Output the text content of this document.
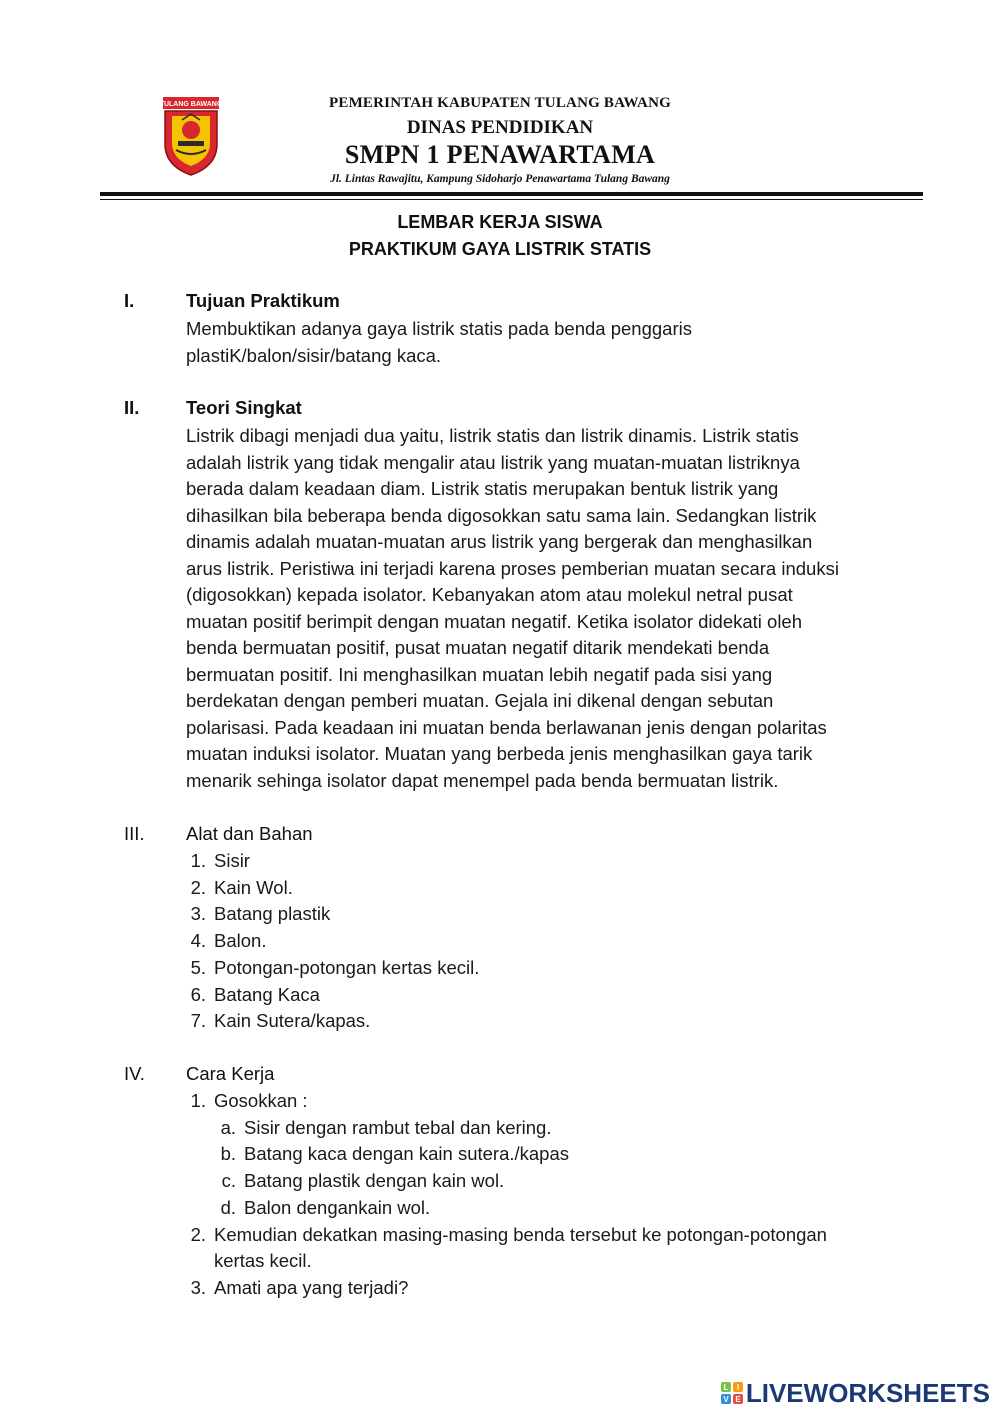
TULANG BAWANG	PEMERINTAH KABUPATEN TULANG BAWANG
DINAS PENDIDIKAN
SMPN 1 PENAWARTAMA
Jl. Lintas Rawajitu, Kampung Sidoharjo Penawartama Tulang Bawang
LEMBAR KERJA SISWA
PRAKTIKUM GAYA LISTRIK STATIS
I.	Tujuan Praktikum
Membuktikan adanya gaya listrik statis pada benda penggaris
plastiK/balon/sisir/batang kaca.
II.	Teori Singkat
Listrik dibagi menjadi dua yaitu, listrik statis dan listrik dinamis. Listrik statis
adalah listrik yang tidak mengalir atau listrik yang muatan-muatan listriknya
berada dalam keadaan diam. Listrik statis merupakan bentuk listrik yang
dihasilkan bila beberapa benda digosokkan satu sama lain. Sedangkan listrik
dinamis adalah muatan-muatan arus listrik yang bergerak dan menghasilkan
arus listrik. Peristiwa ini terjadi karena proses pemberian muatan secara induksi
(digosokkan) kepada isolator. Kebanyakan atom atau molekul netral pusat
muatan positif berimpit dengan muatan negatif. Ketika isolator didekati oleh
benda bermuatan positif, pusat muatan negatif ditarik mendekati benda
bermuatan positif. Ini menghasilkan muatan lebih negatif pada sisi yang
berdekatan dengan pemberi muatan. Gejala ini dikenal dengan sebutan
polarisasi. Pada keadaan ini muatan benda berlawanan jenis dengan polaritas
muatan induksi isolator. Muatan yang berbeda jenis menghasilkan gaya tarik
menarik sehinga isolator dapat menempel pada benda bermuatan listrik.
III. Alat dan Bahan
1. Sisir
2. Kain Wol.
3. Batang plastik
4. Balon.
5. Potongan-potongan kertas kecil.
6. Batang Kaca
7. Kain Sutera/kapas.
IV. Cara Kerja
1. Gosokkan :
a. Sisir dengan rambut tebal dan kering.
b. Batang kaca dengan kain sutera./kapas
c. Batang plastik dengan kain wol.
d. Balon dengankain wol.
2. Kemudian dekatkan masing-masing benda tersebut ke potongan-potongan
kertas kecil.
3. Amati apa yang terjadi?
L I
V E LIVEWORKSHEETS
